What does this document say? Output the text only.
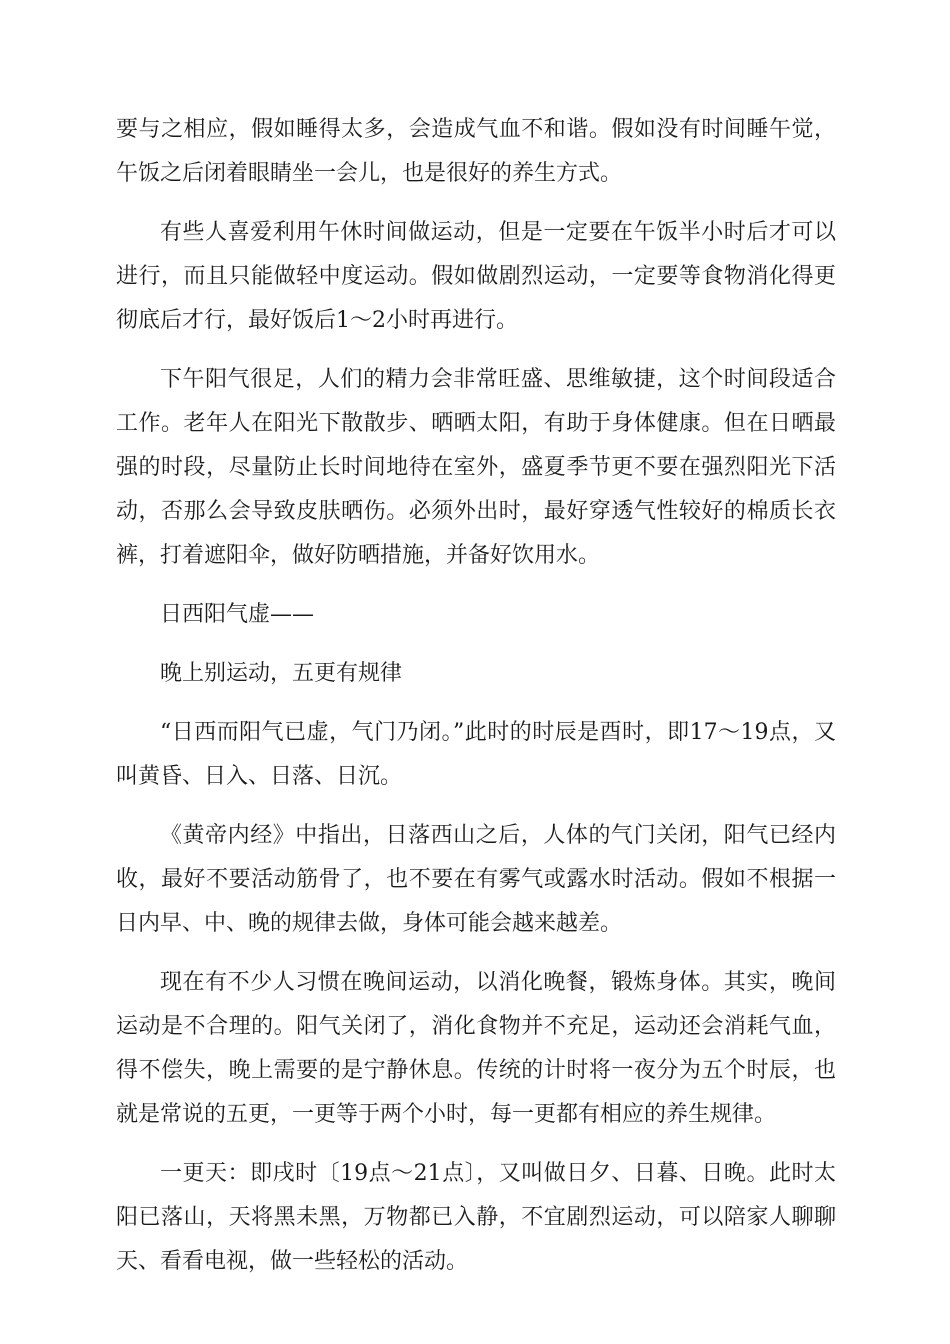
要与之相应，假如睡得太多，会造成气血不和谐。假如没有时间睡午觉，午饭之后闭着眼睛坐一会儿，也是很好的养生方式。

有些人喜爱利用午休时间做运动，但是一定要在午饭半小时后才可以进行，而且只能做轻中度运动。假如做剧烈运动，一定要等食物消化得更彻底后才行，最好饭后1～2小时再进行。

下午阳气很足，人们的精力会非常旺盛、思维敏捷，这个时间段适合工作。老年人在阳光下散散步、晒晒太阳，有助于身体健康。但在日晒最强的时段，尽量防止长时间地待在室外，盛夏季节更不要在强烈阳光下活动，否那么会导致皮肤晒伤。必须外出时，最好穿透气性较好的棉质长衣裤，打着遮阳伞，做好防晒措施，并备好饮用水。

日西阳气虚——

晚上别运动，五更有规律

“日西而阳气已虚，气门乃闭。”此时的时辰是酉时，即17～19点，又叫黄昏、日入、日落、日沉。

《黄帝内经》中指出，日落西山之后，人体的气门关闭，阳气已经内收，最好不要活动筋骨了，也不要在有雾气或露水时活动。假如不根据一日内早、中、晚的规律去做，身体可能会越来越差。

现在有不少人习惯在晚间运动，以消化晚餐，锻炼身体。其实，晚间运动是不合理的。阳气关闭了，消化食物并不充足，运动还会消耗气血，得不偿失，晚上需要的是宁静休息。传统的计时将一夜分为五个时辰，也就是常说的五更，一更等于两个小时，每一更都有相应的养生规律。

一更天：即戌时〔19点～21点〕，又叫做日夕、日暮、日晚。此时太阳已落山，天将黑未黑，万物都已入静，不宜剧烈运动，可以陪家人聊聊天、看看电视，做一些轻松的活动。
